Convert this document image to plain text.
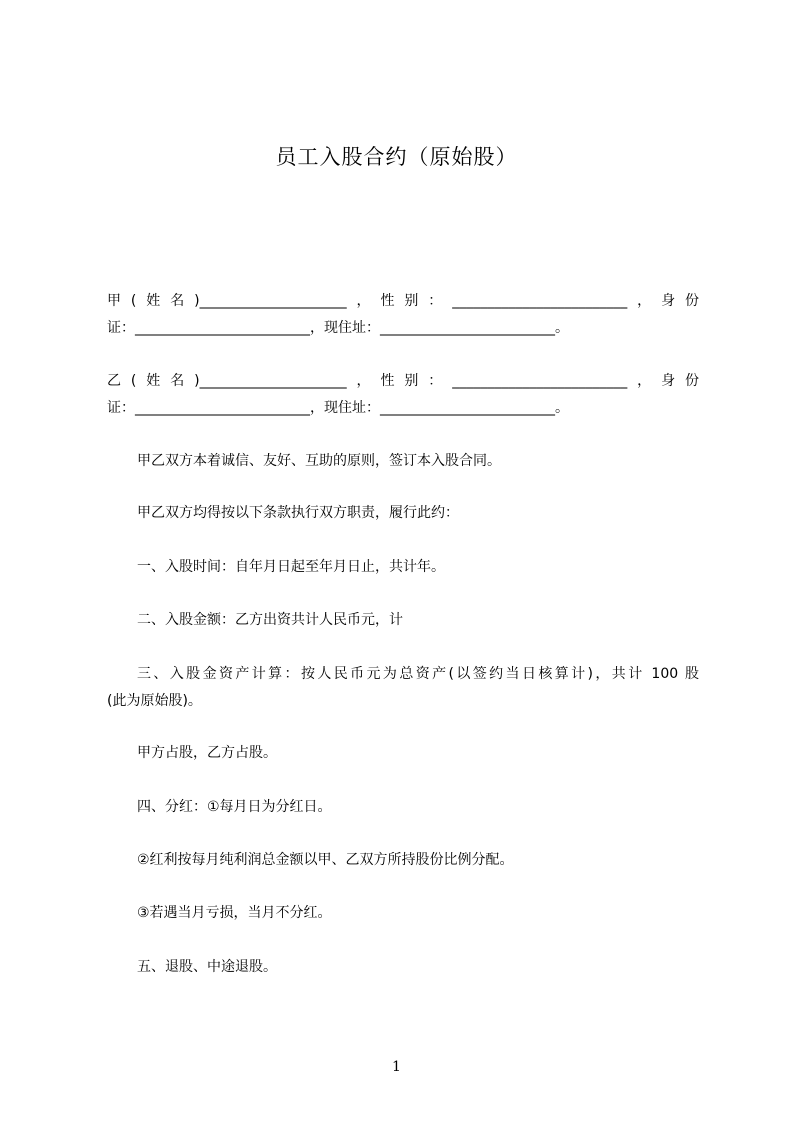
员工入股合约（原始股）
甲(姓名)_____________________，性别：_________________________，身份
证：_________________________，现住址：_________________________。
乙(姓名)_____________________，性别：_________________________，身份
证：_________________________，现住址：_________________________。
甲乙双方本着诚信、友好、互助的原则，签订本入股合同。
甲乙双方均得按以下条款执行双方职责，履行此约：
一、入股时间：自年月日起至年月日止，共计年。
二、入股金额：乙方出资共计人民币元，计
三、入股金资产计算：按人民币元为总资产(以签约当日核算计)，共计 100 股
(此为原始股)。
甲方占股，乙方占股。
四、分红：①每月日为分红日。
②红利按每月纯利润总金额以甲、乙双方所持股份比例分配。
③若遇当月亏损，当月不分红。
五、退股、中途退股。
1
